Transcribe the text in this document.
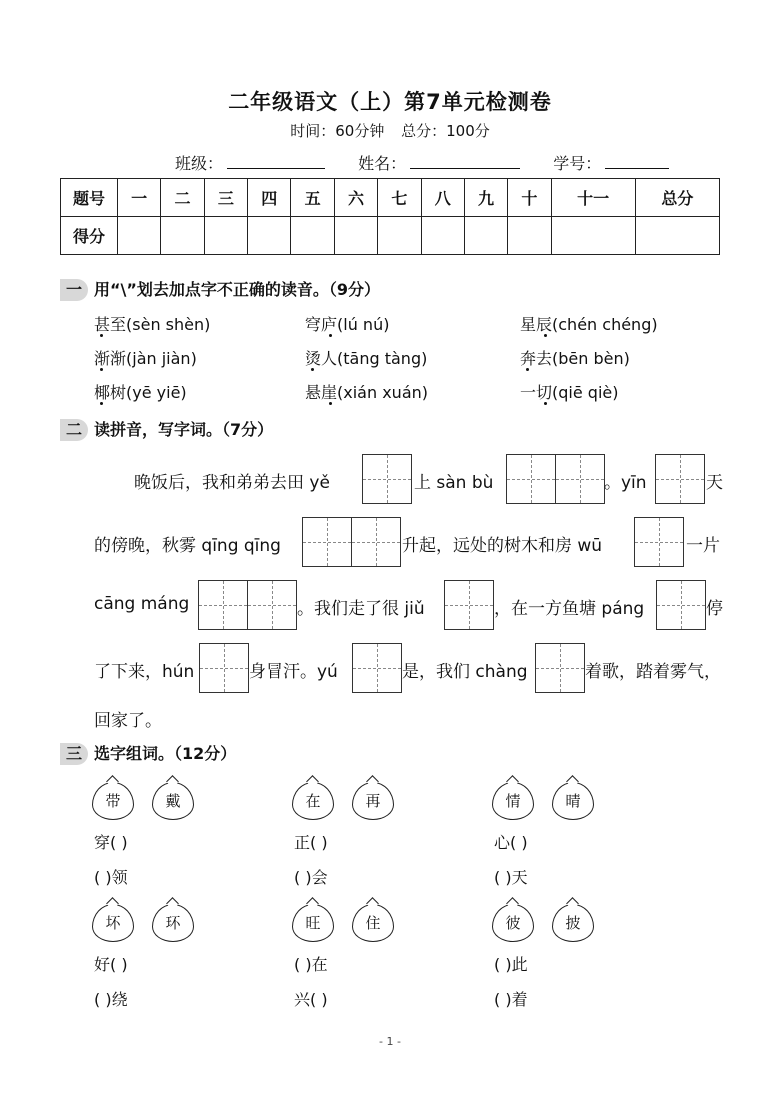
二年级语文（上）第7单元检测卷
时间：60分钟 总分：100分
班级：	姓名：	学号：
题号	一	二	三	四	五	六	七	八	九	十	十一	总分
得分												
一 用“\”划去加点字不正确的读音。（9分）
甚至(sèn shèn)	穹庐(lú nú)	星辰(chén chéng)
渐渐(jàn jiàn)	烫人(tāng tàng)	奔去(bēn bèn)
椰树(yē yiē)	悬崖(xián xuán)	一切(qiē qiè)
二 读拼音，写字词。（7分）
晚饭后，我和弟弟去田 yě	上 sàn bù	。yīn	天
的傍晚，秋雾 qīng qīng	升起，远处的树木和房 wū	一片
cāng máng	。我们走了很 jiǔ	，在一方鱼塘 páng	停
了下来，hún	身冒汗。yú	是，我们 chàng	着歌，踏着雾气，
回家了。
三 选字组词。（12分）
带	戴
穿( )
( )领
在	再
正( )
( )会
情	晴
心( )
( )天
坏	环
好( )
( )绕
旺	住
( )在
兴( )
彼	披
( )此
( )着
- 1 -
